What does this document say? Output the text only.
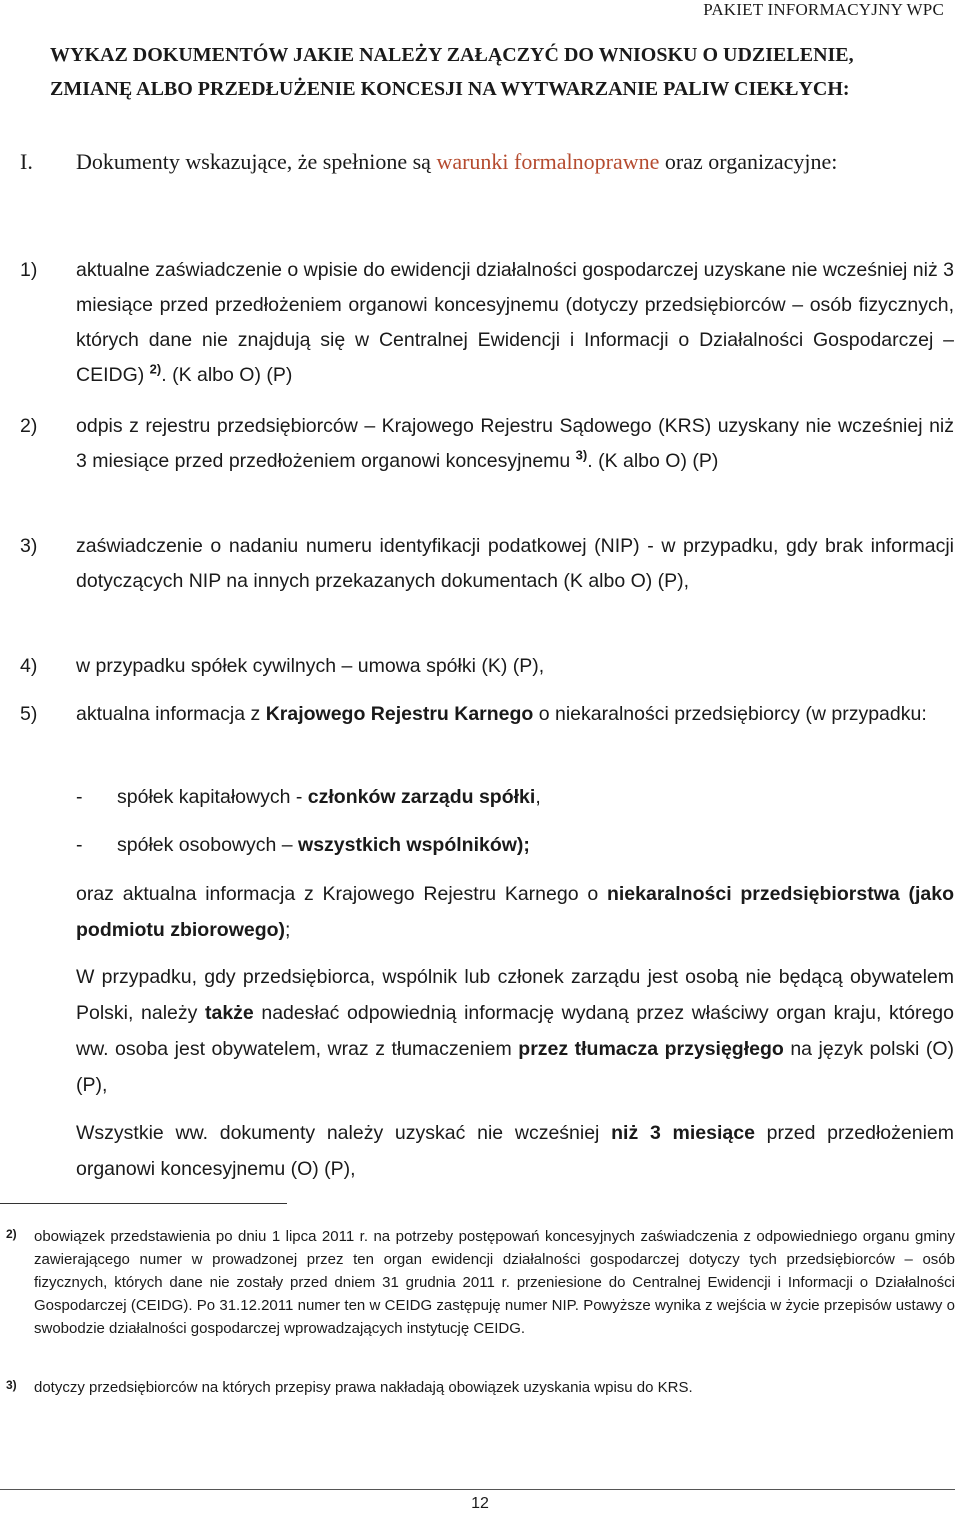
PAKIET INFORMACYJNY WPC
WYKAZ DOKUMENTÓW JAKIE NALEŻY ZAŁĄCZYĆ DO WNIOSKU O UDZIELENIE,
ZMIANĘ ALBO PRZEDŁUŻENIE KONCESJI NA WYTWARZANIE PALIW CIEKŁYCH:
I. Dokumenty wskazujące, że spełnione są warunki formalnoprawne oraz organizacyjne:
1) aktualne zaświadczenie o wpisie do ewidencji działalności gospodarczej uzyskane nie wcześniej niż 3 miesiące przed przedłożeniem organowi koncesyjnemu (dotyczy przedsiębiorców – osób fizycznych, których dane nie znajdują się w Centralnej Ewidencji i Informacji o Działalności Gospodarczej – CEIDG) $^{2)}$. (K albo O) (P)
2) odpis z rejestru przedsiębiorców – Krajowego Rejestru Sądowego (KRS) uzyskany nie wcześniej niż 3 miesiące przed przedłożeniem organowi koncesyjnemu $^{3)}$. (K albo O) (P)
3) zaświadczenie o nadaniu numeru identyfikacji podatkowej (NIP) - w przypadku, gdy brak informacji dotyczących NIP na innych przekazanych dokumentach (K albo O) (P),
4) w przypadku spółek cywilnych – umowa spółki (K) (P),
5) aktualna informacja z Krajowego Rejestru Karnego o niekaralności przedsiębiorcy (w przypadku:
- spółek kapitałowych - członków zarządu spółki,
- spółek osobowych – wszystkich wspólników);
oraz aktualna informacja z Krajowego Rejestru Karnego o niekaralności przedsiębiorstwa (jako podmiotu zbiorowego);
W przypadku, gdy przedsiębiorca, wspólnik lub członek zarządu jest osobą nie będącą obywatelem Polski, należy także nadesłać odpowiednią informację wydaną przez właściwy organ kraju, którego ww. osoba jest obywatelem, wraz z tłumaczeniem przez tłumacza przysięgłego na język polski (O) (P),
Wszystkie ww. dokumenty należy uzyskać nie wcześniej niż 3 miesiące przed przedłożeniem organowi koncesyjnemu (O) (P),
2) obowiązek przedstawienia po dniu 1 lipca 2011 r. na potrzeby postępowań koncesyjnych zaświadczenia z odpowiedniego organu gminy zawierającego numer w prowadzonej przez ten organ ewidencji działalności gospodarczej dotyczy tych przedsiębiorców – osób fizycznych, których dane nie zostały przed dniem 31 grudnia 2011 r. przeniesione do Centralnej Ewidencji i Informacji o Działalności Gospodarczej (CEIDG). Po 31.12.2011 numer ten w CEIDG zastępuję numer NIP. Powyższe wynika z wejścia w życie przepisów ustawy o swobodzie działalności gospodarczej wprowadzających instytucję CEIDG.
3) dotyczy przedsiębiorców na których przepisy prawa nakładają obowiązek uzyskania wpisu do KRS.
12
